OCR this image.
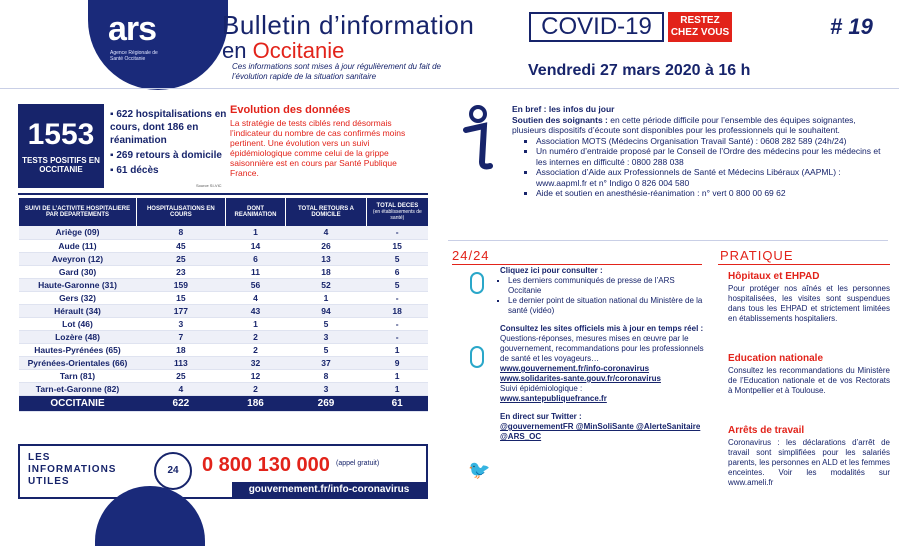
ars
Agence Régionale de Santé Occitanie
Bulletin d’information	COVID-19	RESTEZ
CHEZ VOUS	# 19
en Occitanie
Ces informations sont mises à jour régulièrement du fait de l’évolution rapide de la situation sanitaire	Vendredi 27 mars 2020 à 16 h
1553
TESTS POSITIFS EN OCCITANIE
▪ 622 hospitalisations en cours, dont 186 en réanimation
▪ 269 retours à domicile
▪ 61 décès
Source SI-VIC
Evolution des données
La stratégie de tests ciblés rend désormais l’indicateur du nombre de cas confirmés moins pertinent. Une évolution vers un suivi épidémiologique comme celui de la grippe saisonnière est en cours par Santé Publique France.
SUIVI DE L’ACTIVITE HOSPITALIERE PAR DEPARTEMENTS	HOSPITALISATIONS EN COURS	DONT REANIMATION	TOTAL RETOURS A DOMICILE	TOTAL DECES
(en établissements de santé)
Ariège (09)	8	1	4	-
Aude (11)	45	14	26	15
Aveyron (12)	25	6	13	5
Gard (30)	23	11	18	6
Haute-Garonne (31)	159	56	52	5
Gers (32)	15	4	1	-
Hérault (34)	177	43	94	18
Lot (46)	3	1	5	-
Lozère (48)	7	2	3	-
Hautes-Pyrénées (65)	18	2	5	1
Pyrénées-Orientales (66)	113	32	37	9
Tarn (81)	25	12	8	1
Tarn-et-Garonne (82)	4	2	3	1
OCCITANIE	622	186	269	61
LES
INFORMATIONS
UTILES
24	0 800 130 000 (appel gratuit)
gouvernement.fr/info-coronavirus
En bref : les infos du jour
Soutien des soignants : en cette période difficile pour l’ensemble des équipes soignantes, plusieurs dispositifs d’écoute sont disponibles pour les professionnels qui le souhaitent.
▪ Association MOTS (Médecins Organisation Travail Santé) : 0608 282 589 (24h/24)
▪ Un numéro d’entraide proposé par le Conseil de l’Ordre des médecins pour les médecins et les internes en difficulté : 0800 288 038
▪ Association d’Aide aux Professionnels de Santé et Médecins Libéraux (AAPML) : www.aapml.fr et n° Indigo 0 826 004 580
▪ Aide et soutien en anesthésie-réanimation : n° vert 0 800 00 69 62
24/24
🐦
Cliquez ici pour consulter :
▪ Les derniers communiqués de presse de l’ARS Occitanie
▪ Le dernier point de situation national du Ministère de la santé (vidéo)
Consultez les sites officiels mis à jour en temps réel :
Questions-réponses, mesures mises en œuvre par le gouvernement, recommandations pour les professionnels de santé et les voyageurs…
www.gouvernement.fr/info-coronavirus
www.solidarites-sante.gouv.fr/coronavirus
Suivi épidémiologique :
www.santepubliquefrance.fr
En direct sur Twitter :
@gouvernementFR @MinSoliSante @AlerteSanitaire @ARS_OC
PRATIQUE
Hôpitaux et EHPAD
Pour protéger nos aînés et les personnes hospitalisées, les visites sont suspendues dans tous les EHPAD et strictement limitées en établissements hospitaliers.
Education nationale
Consultez les recommandations du Ministère de l’Education nationale et de vos Rectorats à Montpellier et à Toulouse.
Arrêts de travail
Coronavirus : les déclarations d’arrêt de travail sont simplifiées pour les salariés parents, les personnes en ALD et les femmes enceintes. Voir les modalités sur www.ameli.fr
